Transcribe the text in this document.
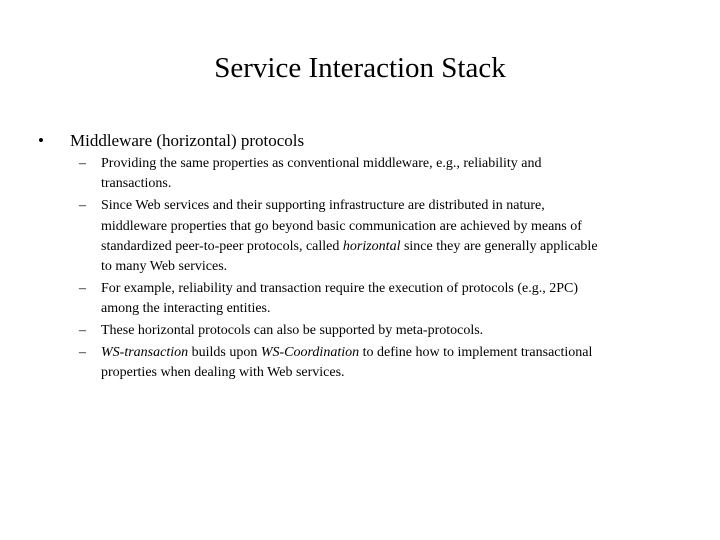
Service Interaction Stack
• Middleware (horizontal) protocols
– Providing the same properties as conventional middleware, e.g., reliability and
transactions.
– Since Web services and their supporting infrastructure are distributed in nature,
middleware properties that go beyond basic communication are achieved by means of
standardized peer-to-peer protocols, called horizontal since they are generally applicable
to many Web services.
– For example, reliability and transaction require the execution of protocols (e.g., 2PC)
among the interacting entities.
– These horizontal protocols can also be supported by meta-protocols.
– WS-transaction builds upon WS-Coordination to define how to implement transactional
properties when dealing with Web services.
